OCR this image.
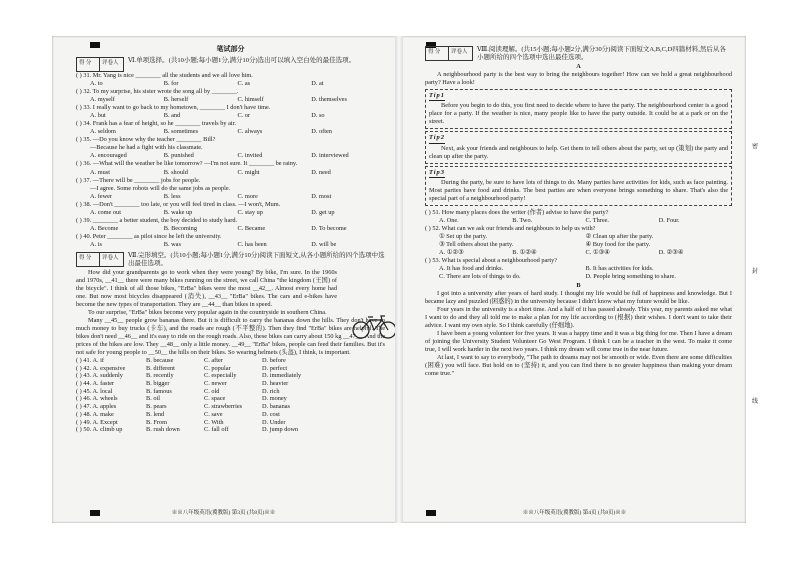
笔试部分
得 分 评卷人 Ⅵ.单项选择。(共10小题;每小题1分,满分10分)选出可以填入空白处的最佳选项。
( ) 31. Mr. Yang is nice ________ all the students and we all love him.
A. to	B. for	C. as	D. at
( ) 32. To my surprise, his sister wrote the song all by ________.
A. myself	B. herself	C. himself	D. themselves
( ) 33. I really want to go back to my hometown, ________ I don't have time.
A. but	B. and	C. or	D. so
( ) 34. Frank has a fear of height, so he ________ travels by air.
A. seldom	B. sometimes	C. always	D. often
( ) 35. —Do you know why the teacher ________ Bill?
—Because he had a fight with his classmate.
A. encouraged	B. punished	C. invited	D. interviewed
( ) 36. —What will the weather be like tomorrow? —I'm not sure. It ________ be rainy.
A. must	B. should	C. might	D. need
( ) 37. —There will be ________ jobs for people.
—I agree. Some robots will do the same jobs as people.
A. fewer	B. less	C. more	D. most
( ) 38. —Don't ________ too late, or you will feel tired in class. —I won't, Mum.
A. come out	B. wake up	C. stay up	D. get up
( ) 39. ________ a better student, the boy decided to study hard.
A. Become	B. Becoming	C. Became	D. To become
( ) 40. Peter ________ as pilot since he left the university.
A. is	B. was	C. has been	D. will be
得 分 评卷人 Ⅶ.完形填空。(共10小题;每小题1分,满分10分)阅读下面短文,从各小题所给的四个选项中选出最佳选项。
How did your grandparents go to work when they were young? By bike, I'm sure. In the 1960s and 1970s, __41__ there were many bikes running on the street, we call China "the kingdom (王国) of the bicycle". I think of all those bikes, "ErBa" bikes were the most __42__. Almost every home had one. But now most bicycles disappeared (消失), __43__ "ErBa" bikes. The cars and e-bikes have become the new types of transportation. They are __44__ than bikes in speed.
To our surprise, "ErBa" bikes become very popular again in the countryside in southern China.
Many __45__ people grow bananas there. But it is difficult to carry the bananas down the hills. They don't have so much money to buy trucks (卡车), and the roads are rough (不平整的). Then they find "ErBa" bikes are helpful. The bikes don't need __46__ and it's easy to ride on the rough roads. Also, these bikes can carry about 150 kg __47__. And the prices of the bikes are low. They __48__ only a little money. __49__ "ErBa" bikes, people can feed their families. But it's not safe for young people to __50__ the hills on their bikes. So wearing helmets (头盔), I think, is important.
( ) 41. A. if	B. because	C. after	D. before
( ) 42. A. expensive	B. different	C. popular	D. perfect
( ) 43. A. suddenly	B. recently	C. especially	D. immediately
( ) 44. A. faster	B. bigger	C. newer	D. heavier
( ) 45. A. local	B. famous	C. old	D. rich
( ) 46. A. wheels	B. oil	C. space	D. money
( ) 47. A. apples	B. pears	C. strawberries	D. bananas
( ) 48. A. make	B. lend	C. save	D. cost
( ) 49. A. Except	B. From	C. With	D. Under
( ) 50. A. climb up	B. rush down	C. fall off	D. jump down
※※八年级英语(冀教版) 第3页 (共8页)※※
得 分 评卷人 Ⅷ.阅读理解。(共15小题;每小题2分,满分30分)阅读下面短文A,B,C,D四篇材料,然后从各小题所给的四个选项中选出最佳选项。
A
A neighbourhood party is the best way to bring the neighbours together! How can we hold a great neighbourhood party? Have a look!
Tip1
Before you begin to do this, you first need to decide where to have the party. The neighbourhood center is a good place for a party. If the weather is nice, many people like to have the party outside. It could be at a park or on the street.
Tip2
Next, ask your friends and neighbours to help. Get them to tell others about the party, set up (策划) the party and clean up after the party.
Tip3
During the party, be sure to have lots of things to do. Many parties have activities for kids, such as face painting. Most parties have food and drinks. The best parties are when everyone brings something to share. That's also the special part of a neighbourhood party!
( ) 51. How many places does the writer (作者) advise to have the party?
A. One.	B. Two.	C. Three.	D. Four.
( ) 52. What can we ask our friends and neighbours to help us with?
① Set up the party.	② Clean up after the party.
③ Tell others about the party.	④ Buy food for the party.
A. ①②③	B. ①②④	C. ①③④	D. ②③④
( ) 53. What is special about a neighbourhood party?
A. It has food and drinks.	B. It has activities for kids.
C. There are lots of things to do.	D. People bring something to share.
B
I got into a university after years of hard study. I thought my life would be full of happiness and knowledge. But I became lazy and puzzled (困惑的) in the university because I didn't know what my future would be like.
Four years in the university is a short time. And a half of it has passed already. This year, my parents asked me what I want to do and they all told me to make a plan for my life according to (根据) their wishes. I don't want to take their advice. I want my own style. So I think carefully (仔细地).
I have been a young volunteer for five years. It was a happy time and it was a big thing for me. Then I have a dream of joining the University Student Volunteer Go West Program. I think I can be a teacher in the west. To make it come true, I will work harder in the next two years. I think my dream will come true in the near future.
At last, I want to say to everybody, "The path to dreams may not be smooth or wide. Even there are some difficulties (困难) you will face. But hold on to (坚持) it, and you can find there is no greater happiness than making your dream come true."
※※八年级英语(冀教版) 第4页 (共8页)※※
密
封
线
